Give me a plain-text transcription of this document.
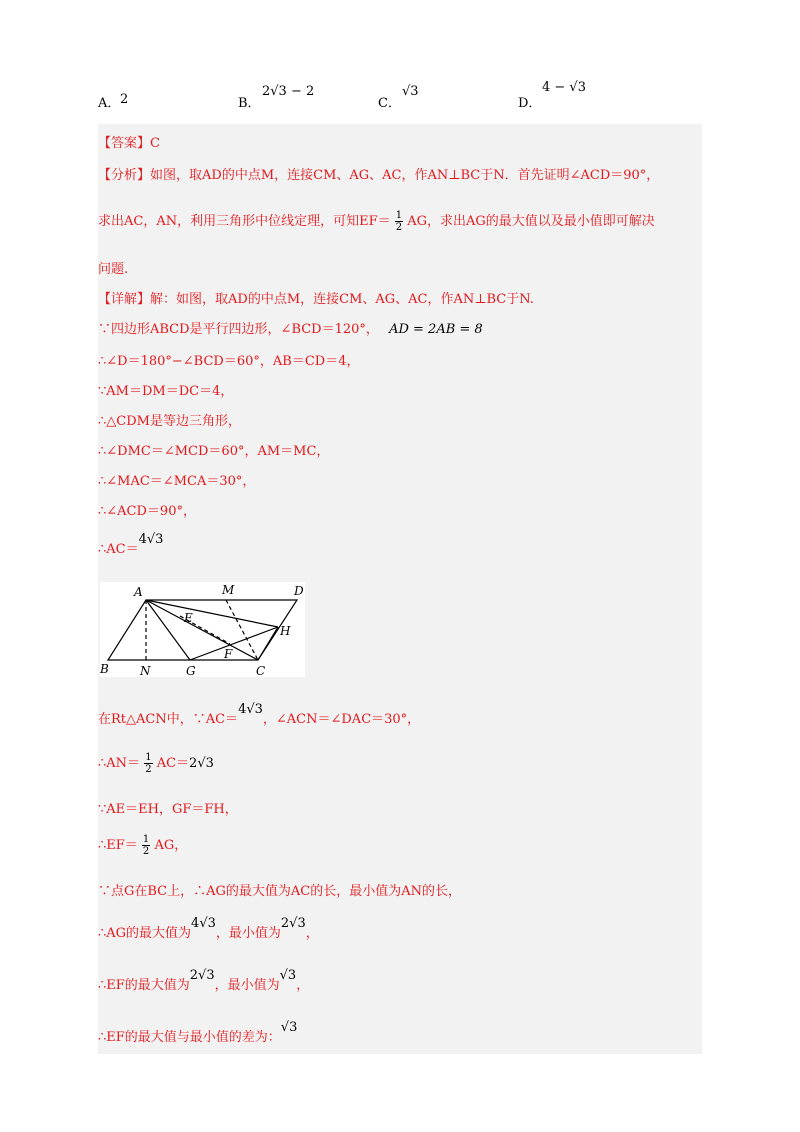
A． 2	B．
2√3 − 2
C．
√3
D．
4 − √3
【答案】C
【分析】如图，取AD的中点M，连接CM、AG、AC，作AN⊥BC于N．首先证明∠ACD＝90°，
求出AC，AN，利用三角形中位线定理，可知$EF= \frac{1}{2}$ AG，求出AG的最大值以及最小值即可解决
问题.
【详解】解：如图，取AD的中点M，连接CM、AG、AC，作AN⊥BC于N.
∵四边形ABCD是平行四边形，∠BCD＝120°， AD = 2AB = 8
∴∠D＝180°−∠BCD＝60°，AB＝CD＝4，
∵AM＝DM＝DC＝4，
∴△CDM是等边三角形，
∴∠DMC＝∠MCD＝60°，AM＝MC，
∴∠MAC＝∠MCA＝30°，
∴∠ACD＝90°，
∴AC＝4√3
A	M	D
E
H
F
B	N	G	C
在Rt△ACN中，∵AC＝4√3，∠ACN＝∠DAC＝30°，
∴AN＝ $\frac{1}{2} AC=2√3$
∵AE＝EH，GF＝FH，
∴EF＝ $\frac{1}{2}$ AG，
∵点G在BC上，∴AG的最大值为AC的长，最小值为AN的长，
∴AG的最大值为4√3，最小值为2√3，
∴EF的最大值为2√3，最小值为√3，
∴EF的最大值与最小值的差为：√3
